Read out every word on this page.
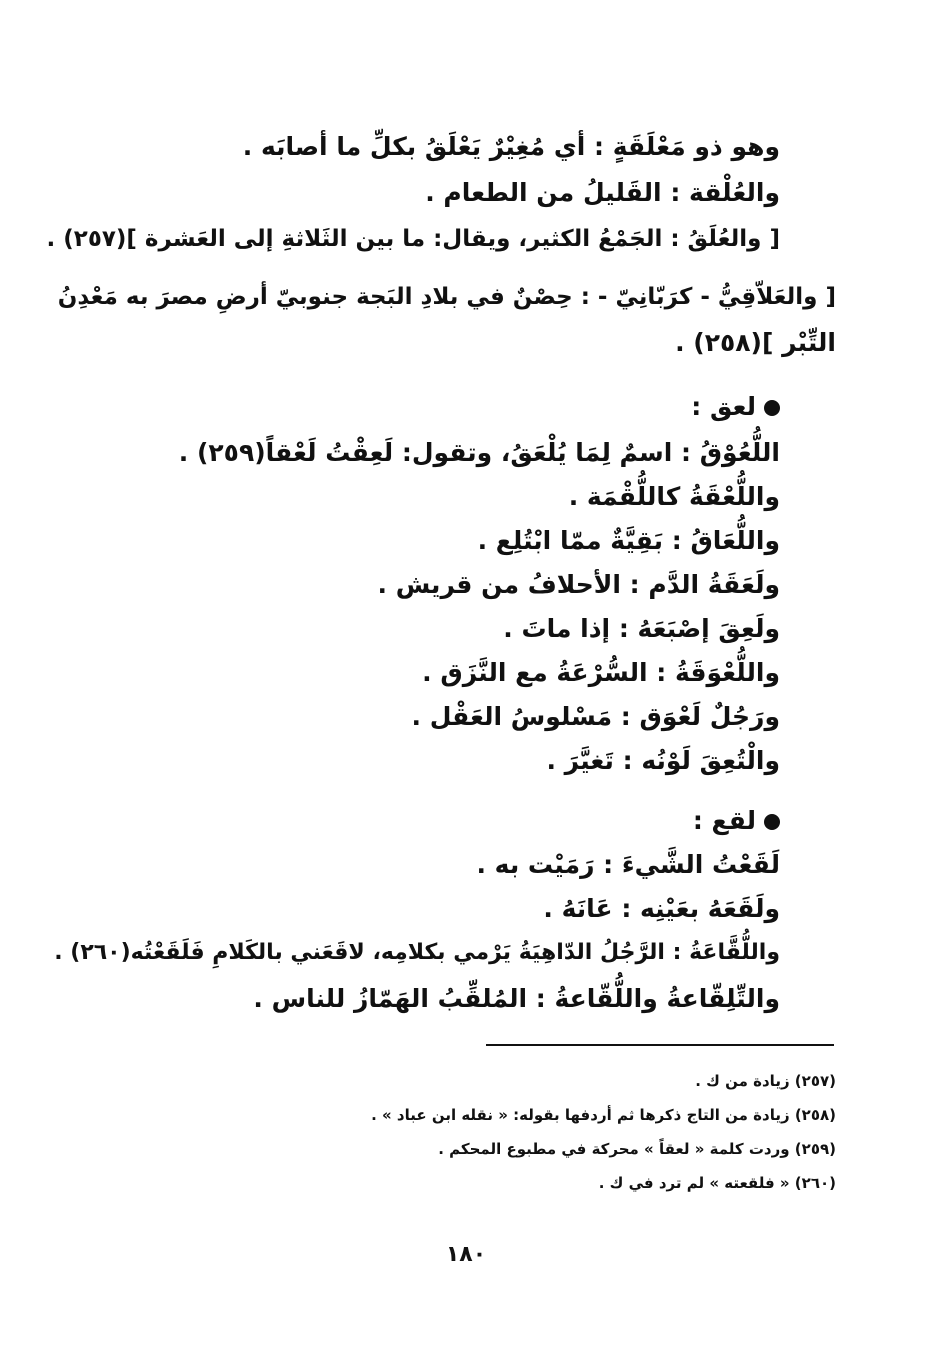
وهو ذو مَعْلَقَةٍ : أي مُغِيْرٌ يَعْلَقُ بكلِّ ما أصابَه .
والعُلْقة : القَليلُ من الطعام .
[ والعُلَقُ : الجَمْعُ الكثير، ويقال: ما بين الثَلاثةِ إلى العَشرة ](٢٥٧) .
[ والعَلاّقِيُّ - كرَبّانِيّ - : حِصْنٌ في بلادِ البَجة جنوبيّ أرضِ مصرَ به مَعْدِنُ
التِّبْر ](٢٥٨) .
لعق :
اللُّعُوْقُ : اسمٌ لِمَا يُلْعَقُ، وتقول: لَعِقْتُ لَعْقاً(٢٥٩) .
واللُّعْقَةُ كاللُّقْمَة .
واللُّعَاقُ : بَقِيَّةٌ ممّا ابْتُلِع .
ولَعَقَةُ الدَّم : الأحلافُ من قريش .
ولَعِقَ إصْبَعَهُ : إذا ماتَ .
واللُّعْوَقَةُ : السُّرْعَةُ مع النَّزَق .
ورَجُلٌ لَعْوَق : مَسْلوسُ العَقْل .
والْتُعِقَ لَوْنُه : تَغيَّرَ .
لقع :
لَقَعْتُ الشَّيءَ : رَمَيْت به .
ولَقَعَهُ بعَيْنِه : عَانَهُ .
واللُّقَّاعَةُ : الرَّجُلُ الدّاهِيَةُ يَرْمي بكلامِه، لاقَعَني بالكَلامِ فَلَقَعْتُه(٢٦٠) .
والتِّلِقّاعةُ واللُّقّاعةُ : المُلقِّبُ الهَمّازُ للناس .
(٢٥٧) زيادة من ك .
(٢٥٨) زيادة من التاج ذكرها ثم أردفها بقوله: « نقله ابن عباد » .
(٢٥٩) وردت كلمة « لعقاً » محركة في مطبوع المحكم .
(٢٦٠) « فلقعته » لم ترد في ك .
١٨٠
